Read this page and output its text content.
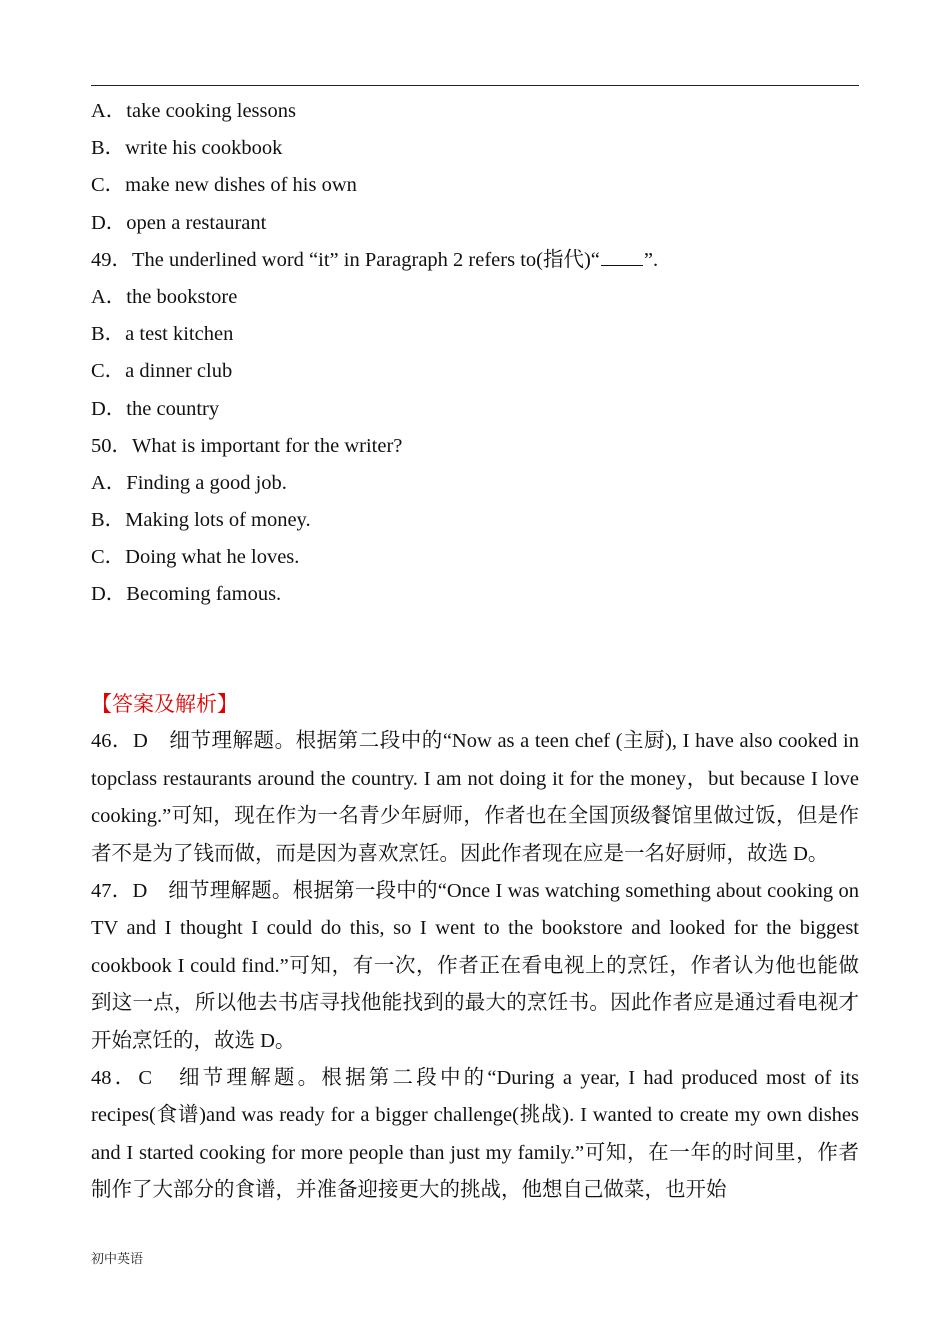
A．take cooking lessons
B．write his cookbook
C．make new dishes of his own
D．open a restaurant
49．The underlined word “it” in Paragraph 2 refers to(指代)“ ”.
A．the bookstore
B．a test kitchen
C．a dinner club
D．the country
50．What is important for the writer?
A．Finding a good job.
B．Making lots of money.
C．Doing what he loves.
D．Becoming famous.
【答案及解析】
46．D　细节理解题。根据第二段中的“Now as a teen chef (主厨), I have also cooked in topclass restaurants around the country. I am not doing it for the money，but because I love cooking.”可知，现在作为一名青少年厨师，作者也在全国顶级餐馆里做过饭，但是作者不是为了钱而做，而是因为喜欢烹饪。因此作者现在应是一名好厨师，故选 D。
47．D　细节理解题。根据第一段中的“Once I was watching something about cooking on TV and I thought I could do this, so I went to the bookstore and looked for the biggest cookbook I could find.”可知，有一次，作者正在看电视上的烹饪，作者认为他也能做到这一点，所以他去书店寻找他能找到的最大的烹饪书。因此作者应是通过看电视才开始烹饪的，故选 D。
48．C　细节理解题。根据第二段中的“During a year, I had produced most of its recipes(食谱)and was ready for a bigger challenge(挑战). I wanted to create my own dishes and I started cooking for more people than just my family.”可知，在一年的时间里，作者制作了大部分的食谱，并准备迎接更大的挑战，他想自己做菜，也开始
初中英语
